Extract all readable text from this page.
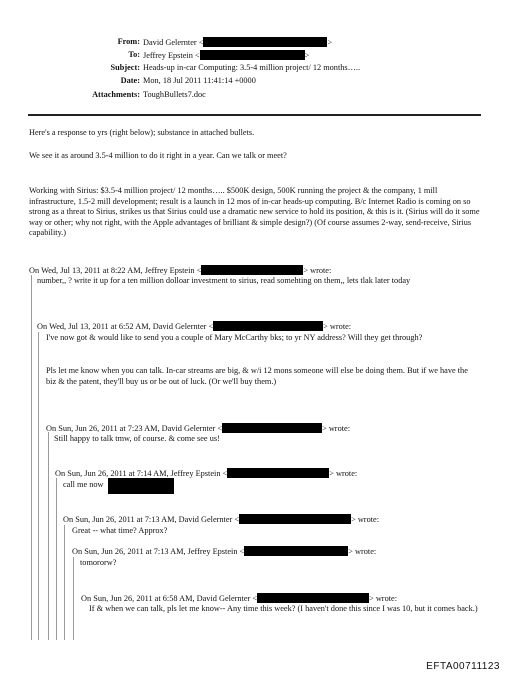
From: David Gelernter <	>
To: Jeffrey Epstein <	>
Subject: Heads-up in-car Computing: 3.5-4 million project/ 12 months…..
Date: Mon, 18 Jul 2011 11:41:14 +0000
Attachments: ToughBullets7.doc

Here's a response to yrs (right below); substance in attached bullets.

We see it as around 3.5-4 million to do it right in a year. Can we talk or meet?

Working with Sirius: $3.5-4 million project/ 12 months….. $500K design, 500K running the project & the company, 1 mill infrastructure, 1.5-2 mill development; result is a launch in 12 mos of in-car heads-up computing. B/c Internet Radio is coming on so strong as a threat to Sirius, strikes us that Sirius could use a dramatic new service to hold its position, & this is it. (Sirius will do it some way or other; why not right, with the Apple advantages of brilliant & simple design?) (Of course assumes 2-way, send-receive, Sirius capability.)

On Wed, Jul 13, 2011 at 8:22 AM, Jeffrey Epstein <	> wrote:

number,, ? write it up for a ten million dolloar investment to sirius, read somehting on them,, lets tlak later today

On Wed, Jul 13, 2011 at 6:52 AM, David Gelernter <	> wrote:

I've now got & would like to send you a couple of Mary McCarthy bks; to yr NY address? Will they get through?

Pls let me know when you can talk. In-car streams are big, & w/i 12 mons someone will else be doing them. But if we have the biz & the patent, they'll buy us or be out of luck. (Or we'll buy them.)

On Sun, Jun 26, 2011 at 7:23 AM, David Gelernter <	> wrote:

Still happy to talk tmw, of course. & come see us!

On Sun, Jun 26, 2011 at 7:14 AM, Jeffrey Epstein <	> wrote:

call me now

On Sun, Jun 26, 2011 at 7:13 AM, David Gelernter <	> wrote:

Great -- what time? Approx?

On Sun, Jun 26, 2011 at 7:13 AM, Jeffrey Epstein <	> wrote:

tomororw?

On Sun, Jun 26, 2011 at 6:58 AM, David Gelernter <	> wrote:

If & when we can talk, pls let me know-- Any time this week? (I haven't done this since I was 10, but it comes back.)

EFTA00711123
